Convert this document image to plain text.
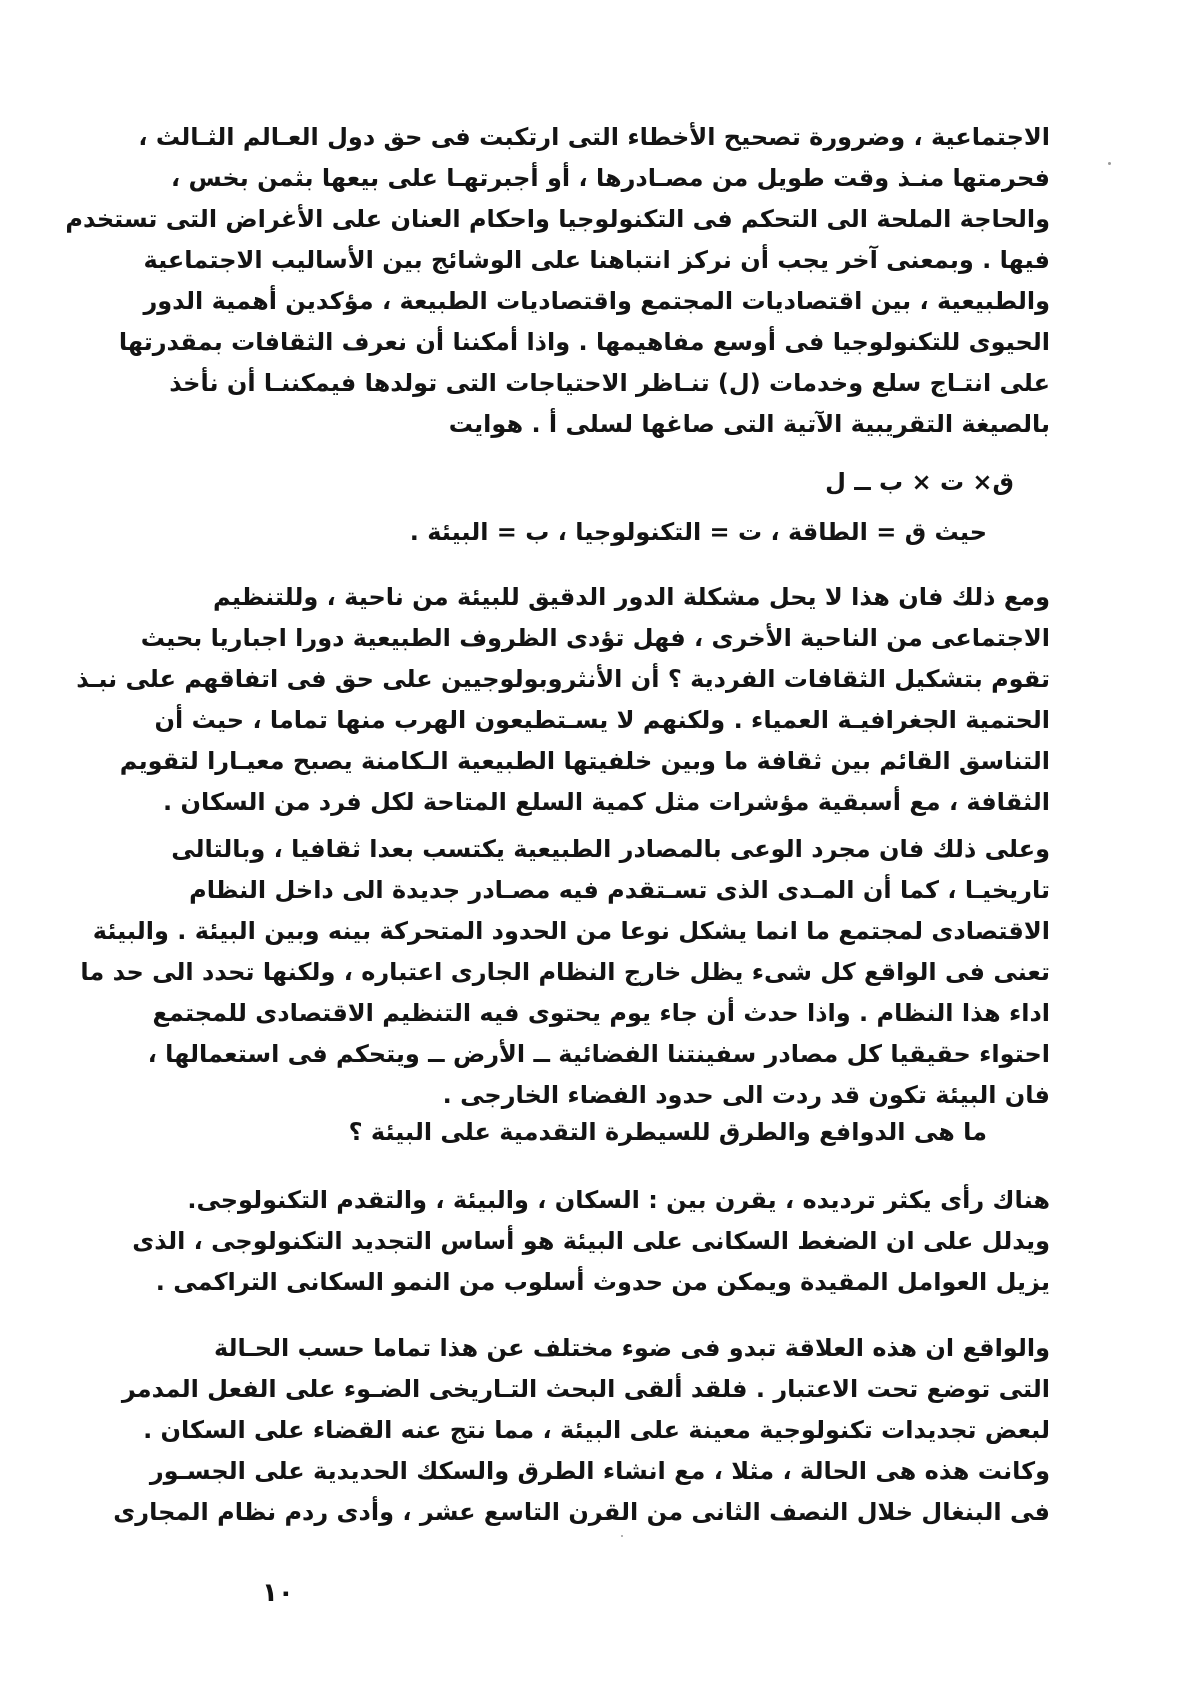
الاجتماعية ، وضرورة تصحيح الأخطاء التى ارتكبت فى حق دول العـالم الثـالث ،
فحرمتها منـذ وقت طويل من مصـادرها ، أو أجبرتهـا على بيعها بثمن بخس ،
والحاجة الملحة الى التحكم فى التكنولوجيا واحكام العنان على الأغراض التى تستخدم
فيها . وبمعنى آخر يجب أن نركز انتباهنا على الوشائج بين الأساليب الاجتماعية
والطبيعية ، بين اقتصاديات المجتمع واقتصاديات الطبيعة ، مؤكدين أهمية الدور
الحيوى للتكنولوجيا فى أوسع مفاهيمها . واذا أمكننا أن نعرف الثقافات بمقدرتها
على انتـاج سلع وخدمات (ل) تنـاظر الاحتياجات التى تولدها فيمكننـا أن نأخذ
بالصيغة التقريبية الآتية التى صاغها لسلى أ . هوايت
ق× ت × ب ــ ل
حيث ق = الطاقة ، ت = التكنولوجيا ، ب = البيئة .
ومع ذلك فان هذا لا يحل مشكلة الدور الدقيق للبيئة من ناحية ، وللتنظيم
الاجتماعى من الناحية الأخرى ، فهل تؤدى الظروف الطبيعية دورا اجباريا بحيث
تقوم بتشكيل الثقافات الفردية ؟ أن الأنثروبولوجيين على حق فى اتفاقهم على نبـذ
الحتمية الجغرافيـة العمياء . ولكنهم لا يسـتطيعون الهرب منها تماما ، حيث أن
التناسق القائم بين ثقافة ما وبين خلفيتها الطبيعية الـكامنة يصبح معيـارا لتقويم
الثقافة ، مع أسبقية مؤشرات مثل كمية السلع المتاحة لكل فرد من السكان .
وعلى ذلك فان مجرد الوعى بالمصادر الطبيعية يكتسب بعدا ثقافيا ، وبالتالى
تاريخيـا ، كما أن المـدى الذى تسـتقدم فيه مصـادر جديدة الى داخل النظام
الاقتصادى لمجتمع ما انما يشكل نوعا من الحدود المتحركة بينه وبين البيئة . والبيئة
تعنى فى الواقع كل شىء يظل خارج النظام الجارى اعتباره ، ولكنها تحدد الى حد ما
اداء هذا النظام . واذا حدث أن جاء يوم يحتوى فيه التنظيم الاقتصادى للمجتمع
احتواء حقيقيا كل مصادر سفينتنا الفضائية ــ الأرض ــ ويتحكم فى استعمالها ،
فان البيئة تكون قد ردت الى حدود الفضاء الخارجى .
ما هى الدوافع والطرق للسيطرة التقدمية على البيئة ؟
هناك رأى يكثر ترديده ، يقرن بين : السكان ، والبيئة ، والتقدم التكنولوجى.
ويدلل على ان الضغط السكانى على البيئة هو أساس التجديد التكنولوجى ، الذى
يزيل العوامل المقيدة ويمكن من حدوث أسلوب من النمو السكانى التراكمى .
والواقع ان هذه العلاقة تبدو فى ضوء مختلف عن هذا تماما حسب الحـالة
التى توضع تحت الاعتبار . فلقد ألقى البحث التـاريخى الضـوء على الفعل المدمر
لبعض تجديدات تكنولوجية معينة على البيئة ، مما نتج عنه القضاء على السكان .
وكانت هذه هى الحالة ، مثلا ، مع انشاء الطرق والسكك الحديدية على الجسـور
فى البنغال خلال النصف الثانى من القرن التاسع عشر ، وأدى ردم نظام المجارى
١٠
